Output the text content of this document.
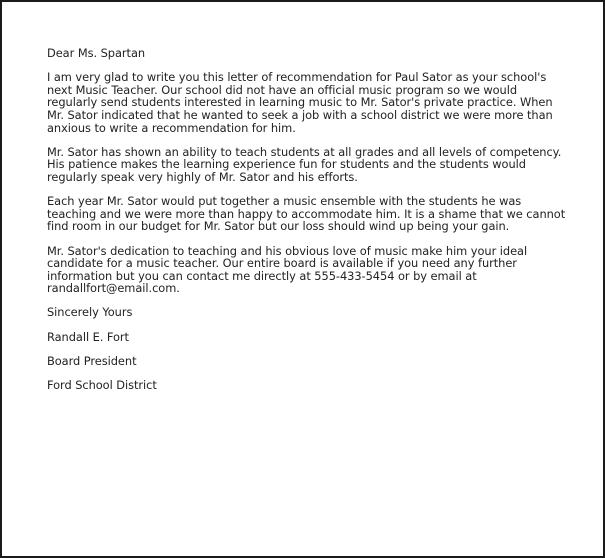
Dear Ms. Spartan

I am very glad to write you this letter of recommendation for Paul Sator as your school's next Music Teacher. Our school did not have an official music program so we would regularly send students interested in learning music to Mr. Sator's private practice. When Mr. Sator indicated that he wanted to seek a job with a school district we were more than anxious to write a recommendation for him.

Mr. Sator has shown an ability to teach students at all grades and all levels of competency. His patience makes the learning experience fun for students and the students would regularly speak very highly of Mr. Sator and his efforts.

Each year Mr. Sator would put together a music ensemble with the students he was teaching and we were more than happy to accommodate him. It is a shame that we cannot find room in our budget for Mr. Sator but our loss should wind up being your gain.

Mr. Sator's dedication to teaching and his obvious love of music make him your ideal candidate for a music teacher. Our entire board is available if you need any further information but you can contact me directly at 555-433-5454 or by email at randallfort@email.com.

Sincerely Yours

Randall E. Fort

Board President

Ford School District
